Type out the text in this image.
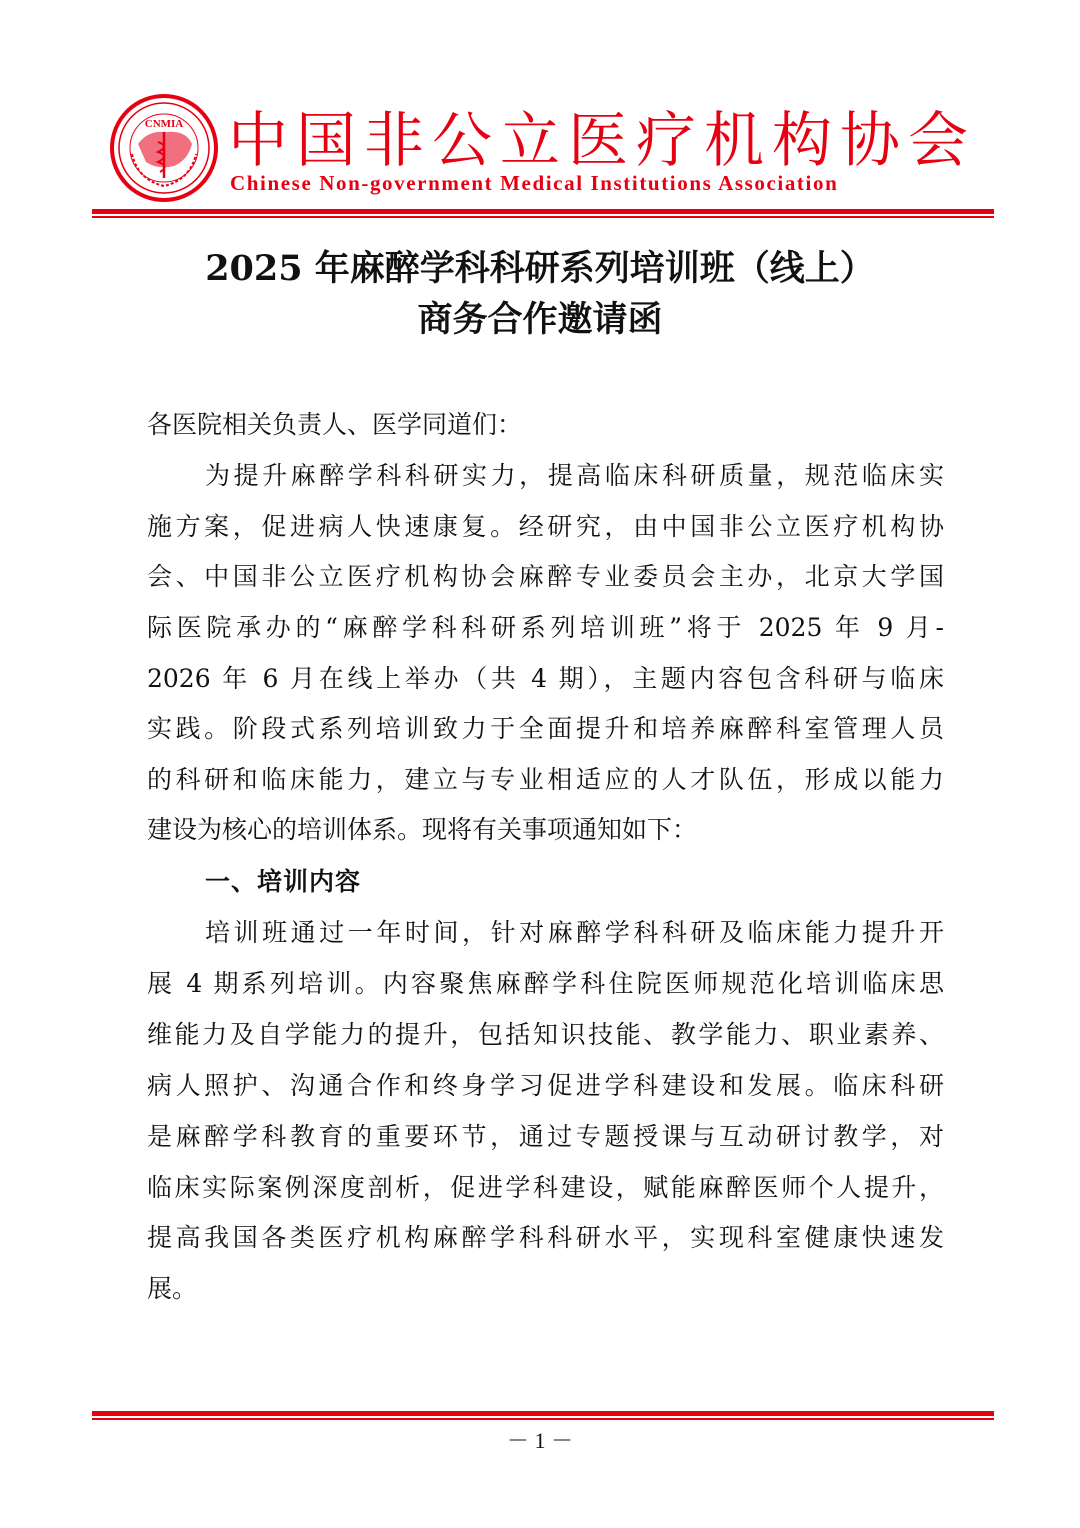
CNMIA 中国非公立医疗机构协会
Chinese Non-government Medical Institutions Association
2025 年麻醉学科科研系列培训班（线上）
商务合作邀请函
各医院相关负责人、医学同道们：
为提升麻醉学科科研实力，提高临床科研质量，规范临床实
施方案，促进病人快速康复。经研究，由中国非公立医疗机构协
会、中国非公立医疗机构协会麻醉专业委员会主办，北京大学国
际医院承办的“麻醉学科科研系列培训班”将于 2025 年 9 月-
2026 年 6 月在线上举办（共 4 期），主题内容包含科研与临床
实践。阶段式系列培训致力于全面提升和培养麻醉科室管理人员
的科研和临床能力，建立与专业相适应的人才队伍，形成以能力
建设为核心的培训体系。现将有关事项通知如下：
一、培训内容
培训班通过一年时间，针对麻醉学科科研及临床能力提升开
展 4 期系列培训。内容聚焦麻醉学科住院医师规范化培训临床思
维能力及自学能力的提升，包括知识技能、教学能力、职业素养、
病人照护、沟通合作和终身学习促进学科建设和发展。临床科研
是麻醉学科教育的重要环节，通过专题授课与互动研讨教学，对
临床实际案例深度剖析，促进学科建设，赋能麻醉医师个人提升，
提高我国各类医疗机构麻醉学科科研水平，实现科室健康快速发
展。
－ 1 －
